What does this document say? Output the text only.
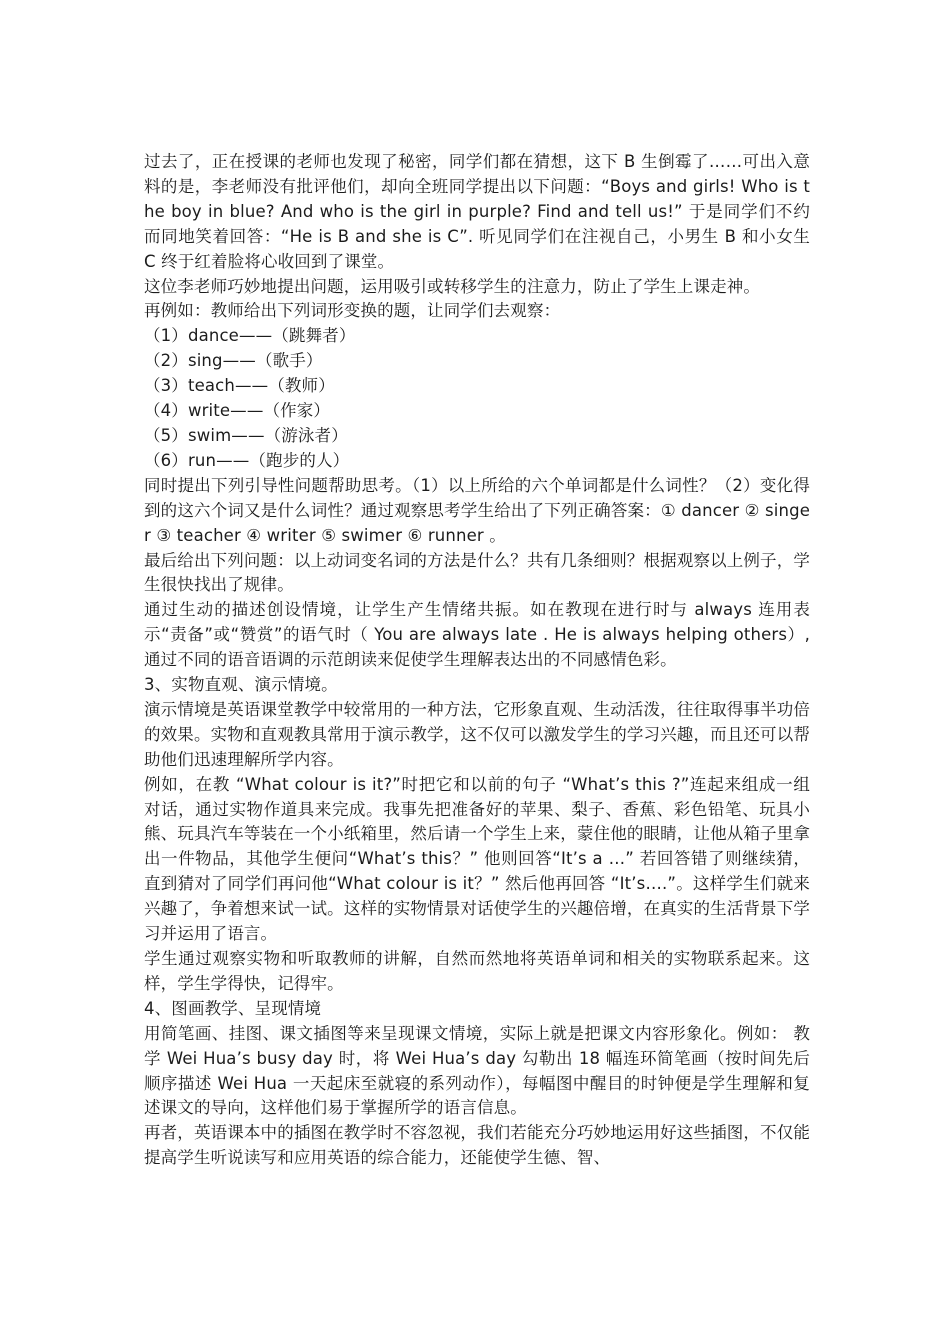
过去了，正在授课的老师也发现了秘密，同学们都在猜想，这下 B 生倒霉了……可出入意料的是，李老师没有批评他们，却向全班同学提出以下问题：“Boys and girls! Who is the boy in blue? And who is the girl in purple? Find and tell us!” 于是同学们不约而同地笑着回答：“He is B and she is C”. 听见同学们在注视自己，小男生 B 和小女生 C 终于红着脸将心收回到了课堂。

这位李老师巧妙地提出问题，运用吸引或转移学生的注意力，防止了学生上课走神。

再例如：教师给出下列词形变换的题，让同学们去观察：

（1）dance——（跳舞者）

（2）sing——（歌手）

（3）teach——（教师）

（4）write——（作家）

（5）swim——（游泳者）

（6）run——（跑步的人）

同时提出下列引导性问题帮助思考。（1）以上所给的六个单词都是什么词性？（2）变化得到的这六个词又是什么词性？通过观察思考学生给出了下列正确答案：① dancer ② singer ③ teacher ④ writer ⑤ swimer ⑥ runner 。

最后给出下列问题：以上动词变名词的方法是什么？共有几条细则？根据观察以上例子，学生很快找出了规律。

通过生动的描述创设情境，让学生产生情绪共振。如在教现在进行时与 always 连用表示“责备”或“赞赏”的语气时（ You are always late . He is always helping others）,通过不同的语音语调的示范朗读来促使学生理解表达出的不同感情色彩。

3、实物直观、演示情境。

演示情境是英语课堂教学中较常用的一种方法，它形象直观、生动活泼，往往取得事半功倍的效果。实物和直观教具常用于演示教学，这不仅可以激发学生的学习兴趣，而且还可以帮助他们迅速理解所学内容。

例如，在教 “What colour is it?”时把它和以前的句子 “What’s this ?”连起来组成一组对话，通过实物作道具来完成。我事先把准备好的苹果、梨子、香蕉、彩色铅笔、玩具小熊、玩具汽车等装在一个小纸箱里，然后请一个学生上来，蒙住他的眼睛，让他从箱子里拿出一件物品，其他学生便问“What’s this？” 他则回答“It’s a …” 若回答错了则继续猜，直到猜对了同学们再问他“What colour is it？” 然后他再回答 “It’s….”。这样学生们就来兴趣了，争着想来试一试。这样的实物情景对话使学生的兴趣倍增，在真实的生活背景下学习并运用了语言。

学生通过观察实物和听取教师的讲解，自然而然地将英语单词和相关的实物联系起来。这样，学生学得快，记得牢。

4、图画教学、呈现情境

用简笔画、挂图、课文插图等来呈现课文情境，实际上就是把课文内容形象化。例如： 教学 Wei Hua’s busy day 时，将 Wei Hua’s day 勾勒出 18 幅连环简笔画（按时间先后顺序描述 Wei Hua 一天起床至就寝的系列动作），每幅图中醒目的时钟便是学生理解和复述课文的导向，这样他们易于掌握所学的语言信息。

再者，英语课本中的插图在教学时不容忽视，我们若能充分巧妙地运用好这些插图，不仅能提高学生听说读写和应用英语的综合能力，还能使学生德、智、
